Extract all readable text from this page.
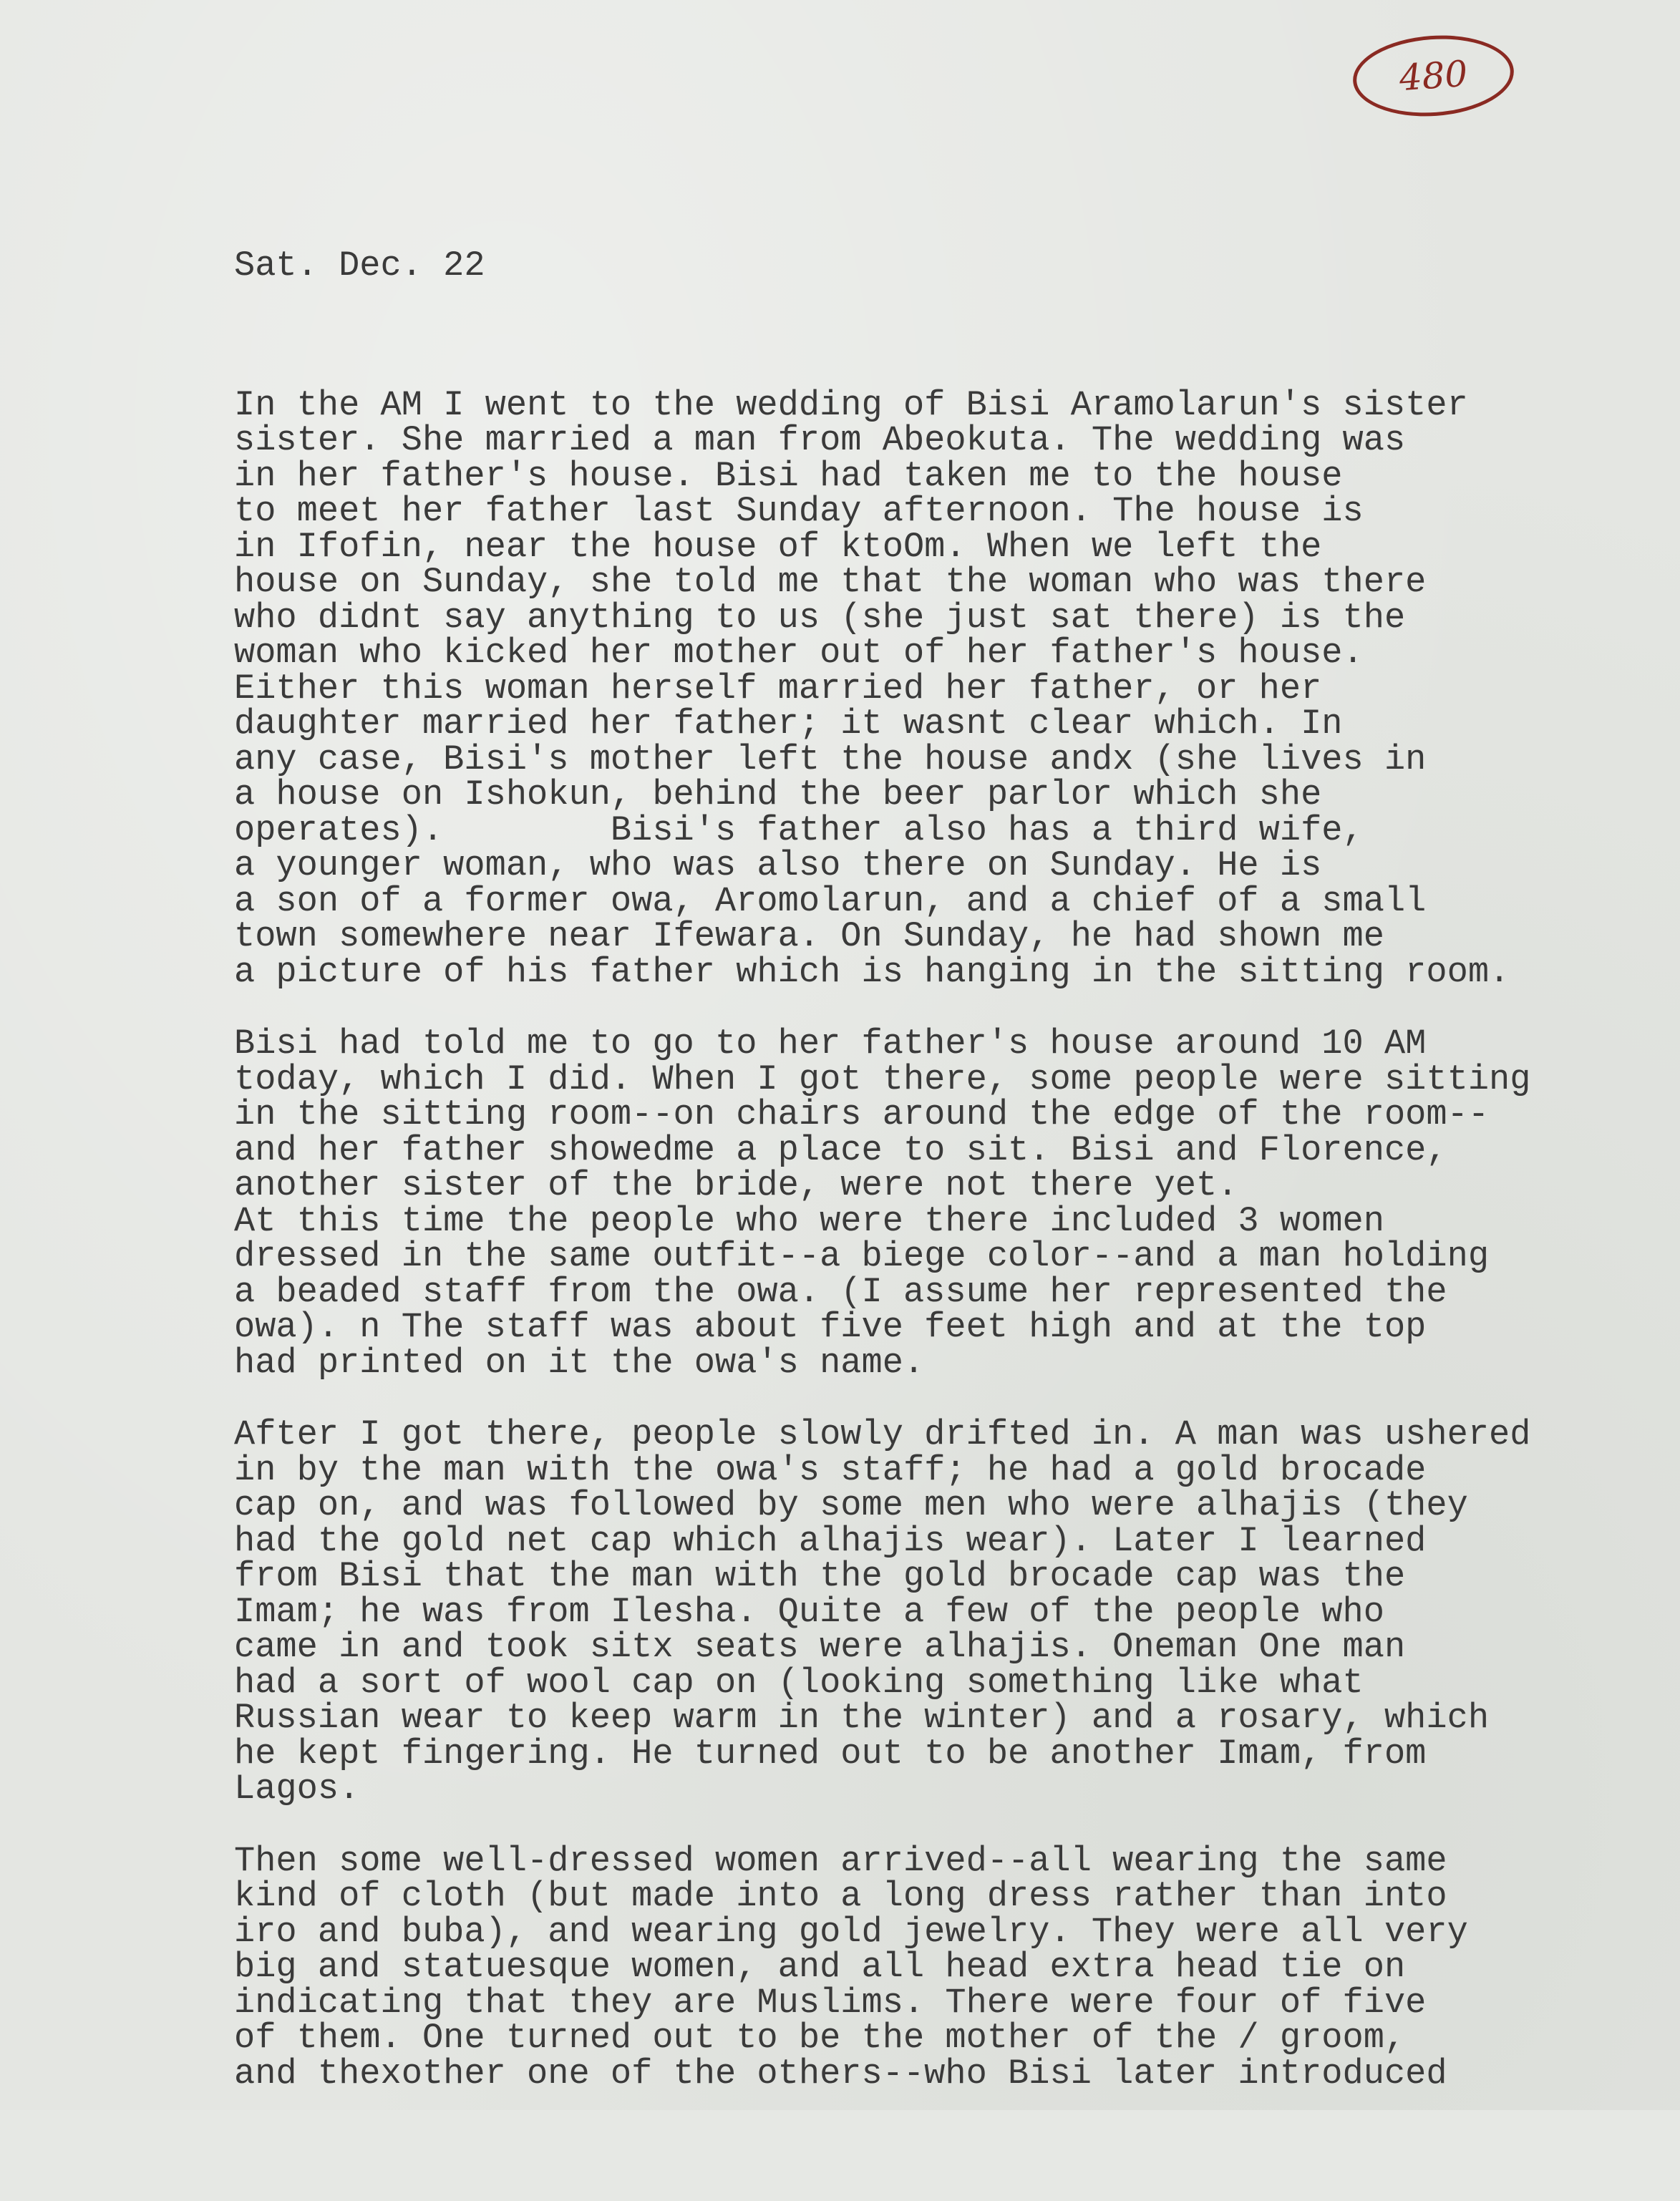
480

Sat. Dec. 22

In the AM I went to the wedding of Bisi Aramolarun's sister
sister. She married a man from Abeokuta. The wedding was
in her father's house. Bisi had taken me to the house
to meet her father last Sunday afternoon. The house is
in Ifofin, near the house of ktoOm. When we left the
house on Sunday, she told me that the woman who was there
who didnt say anything to us (she just sat there) is the
woman who kicked her mother out of her father's house.
Either this woman herself married her father, or her
daughter married her father; it wasnt clear which. In
any case, Bisi's mother left the house andx (she lives in
a house on Ishokun, behind the beer parlor which she
operates).        Bisi's father also has a third wife,
a younger woman, who was also there on Sunday. He is
a son of a former owa, Aromolarun, and a chief of a small
town somewhere near Ifewara. On Sunday, he had shown me
a picture of his father which is hanging in the sitting room.
Bisi had told me to go to her father's house around 10 AM
today, which I did. When I got there, some people were sitting
in the sitting room--on chairs around the edge of the room--
and her father showedme a place to sit. Bisi and Florence,
another sister of the bride, were not there yet.
At this time the people who were there included 3 women
dressed in the same outfit--a biege color--and a man holding
a beaded staff from the owa. (I assume her represented the
owa). n The staff was about five feet high and at the top
had printed on it the owa's name.
After I got there, people slowly drifted in. A man was ushered
in by the man with the owa's staff; he had a gold brocade
cap on, and was followed by some men who were alhajis (they
had the gold net cap which alhajis wear). Later I learned
from Bisi that the man with the gold brocade cap was the
Imam; he was from Ilesha. Quite a few of the people who
came in and took sitx seats were alhajis. Oneman One man
had a sort of wool cap on (looking something like what
Russian wear to keep warm in the winter) and a rosary, which
he kept fingering. He turned out to be another Imam, from
Lagos.
Then some well-dressed women arrived--all wearing the same
kind of cloth (but made into a long dress rather than into
iro and buba), and wearing gold jewelry. They were all very
big and statuesque women, and all head extra head tie on
indicating that they are Muslims. There were four of five
of them. One turned out to be the mother of the / groom,
and thexother one of the others--who Bisi later introduced
